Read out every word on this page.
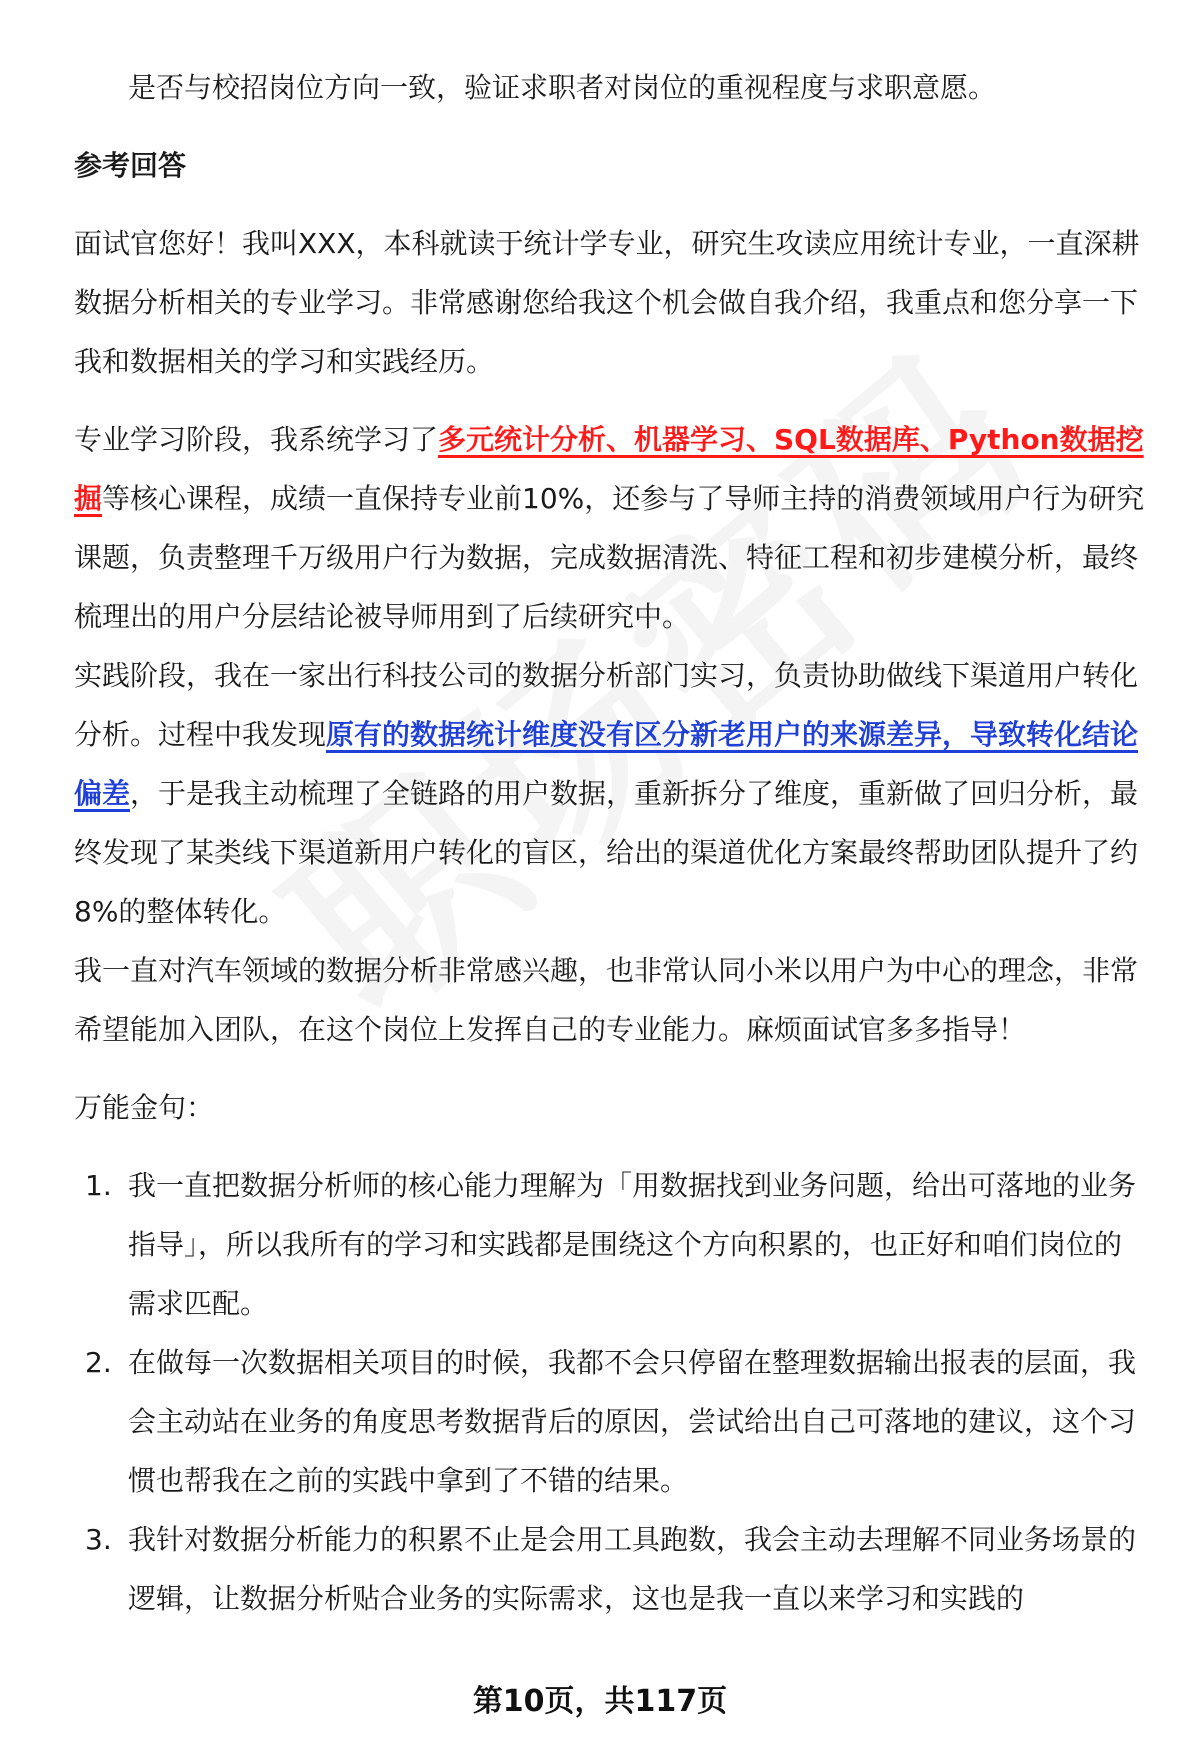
是否与校招岗位方向一致，验证求职者对岗位的重视程度与求职意愿。

参考回答

面试官您好！我叫XXX，本科就读于统计学专业，研究生攻读应用统计专业，一直深耕数据分析相关的专业学习。非常感谢您给我这个机会做自我介绍，我重点和您分享一下我和数据相关的学习和实践经历。

专业学习阶段，我系统学习了多元统计分析、机器学习、SQL数据库、Python数据挖掘等核心课程，成绩一直保持专业前10%，还参与了导师主持的消费领域用户行为研究课题，负责整理千万级用户行为数据，完成数据清洗、特征工程和初步建模分析，最终梳理出的用户分层结论被导师用到了后续研究中。

实践阶段，我在一家出行科技公司的数据分析部门实习，负责协助做线下渠道用户转化分析。过程中我发现原有的数据统计维度没有区分新老用户的来源差异，导致转化结论偏差，于是我主动梳理了全链路的用户数据，重新拆分了维度，重新做了回归分析，最终发现了某类线下渠道新用户转化的盲区，给出的渠道优化方案最终帮助团队提升了约8%的整体转化。

我一直对汽车领域的数据分析非常感兴趣，也非常认同小米以用户为中心的理念，非常希望能加入团队，在这个岗位上发挥自己的专业能力。麻烦面试官多多指导！

万能金句：

1. 我一直把数据分析师的核心能力理解为「用数据找到业务问题，给出可落地的业务指导」，所以我所有的学习和实践都是围绕这个方向积累的，也正好和咱们岗位的需求匹配。
2. 在做每一次数据相关项目的时候，我都不会只停留在整理数据输出报表的层面，我会主动站在业务的角度思考数据背后的原因，尝试给出自己可落地的建议，这个习惯也帮我在之前的实践中拿到了不错的结果。
3. 我针对数据分析能力的积累不止是会用工具跑数，我会主动去理解不同业务场景的逻辑，让数据分析贴合业务的实际需求，这也是我一直以来学习和实践的
第10页，共117页
